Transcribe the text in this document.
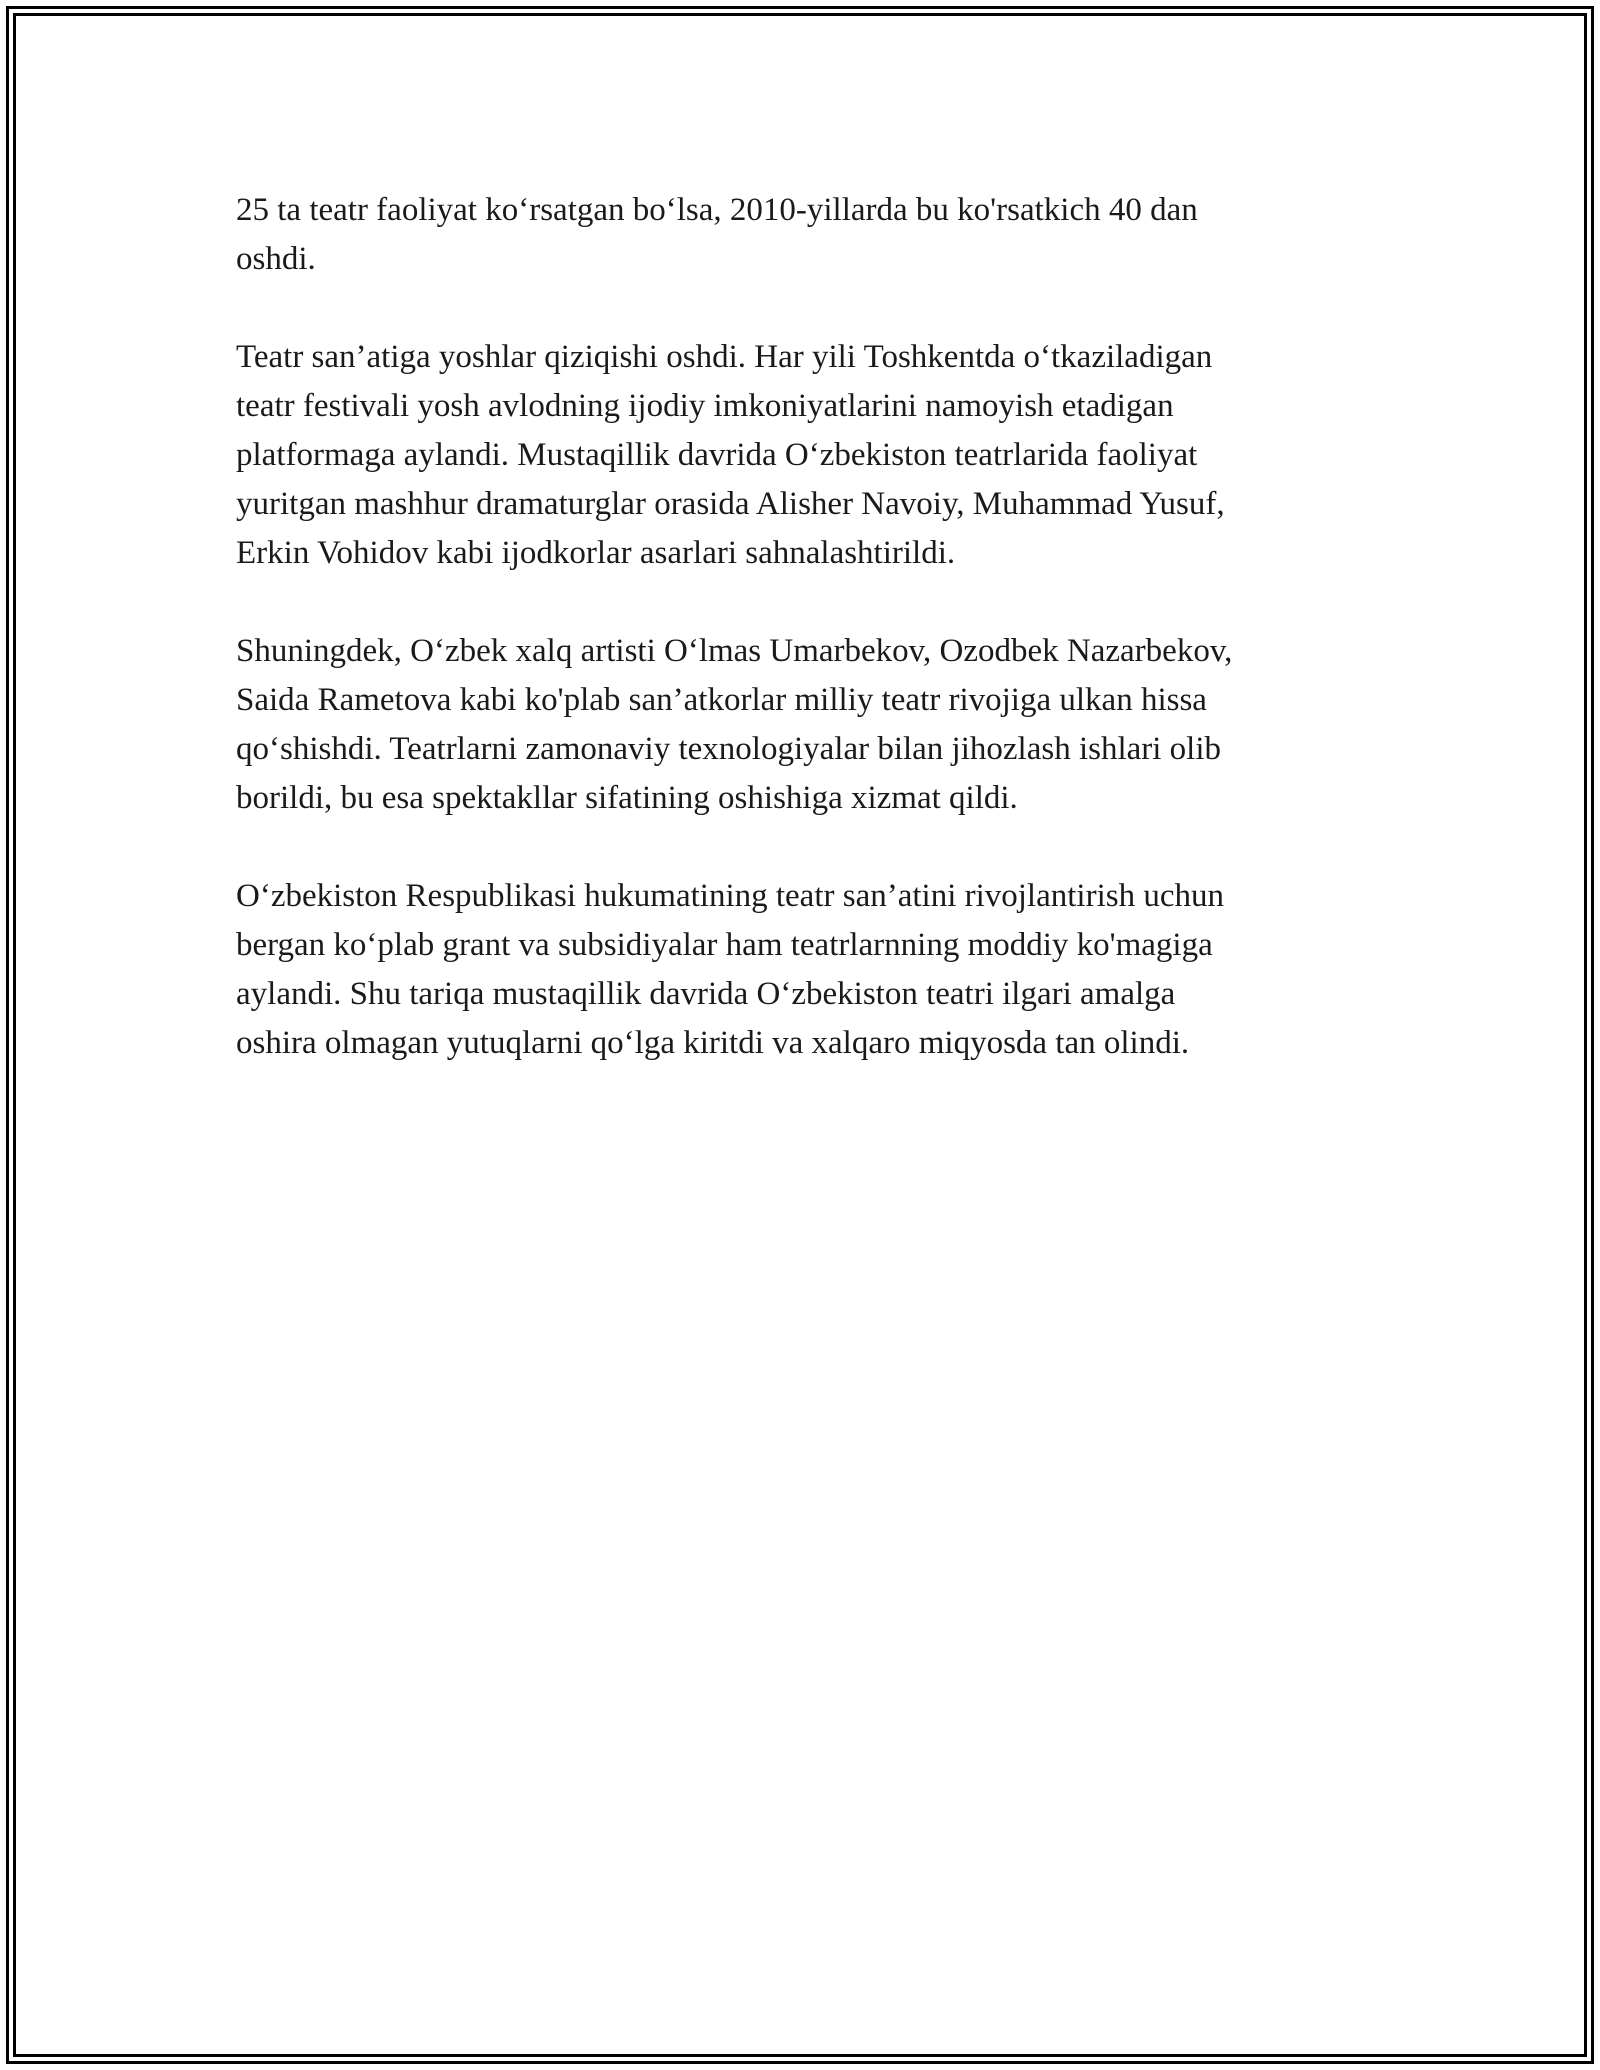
25 ta teatr faoliyat ko‘rsatgan bo‘lsa, 2010-yillarda bu ko'rsatkich 40 dan
oshdi.

Teatr san’atiga yoshlar qiziqishi oshdi. Har yili Toshkentda o‘tkaziladigan
teatr festivali yosh avlodning ijodiy imkoniyatlarini namoyish etadigan
platformaga aylandi. Mustaqillik davrida O‘zbekiston teatrlarida faoliyat
yuritgan mashhur dramaturglar orasida Alisher Navoiy, Muhammad Yusuf,
Erkin Vohidov kabi ijodkorlar asarlari sahnalashtirildi.

Shuningdek, O‘zbek xalq artisti O‘lmas Umarbekov, Ozodbek Nazarbekov,
Saida Rametova kabi ko'plab san’atkorlar milliy teatr rivojiga ulkan hissa
qo‘shishdi. Teatrlarni zamonaviy texnologiyalar bilan jihozlash ishlari olib
borildi, bu esa spektakllar sifatining oshishiga xizmat qildi.

O‘zbekiston Respublikasi hukumatining teatr san’atini rivojlantirish uchun
bergan ko‘plab grant va subsidiyalar ham teatrlarnning moddiy ko'magiga
aylandi. Shu tariqa mustaqillik davrida O‘zbekiston teatri ilgari amalga
oshira olmagan yutuqlarni qo‘lga kiritdi va xalqaro miqyosda tan olindi.
